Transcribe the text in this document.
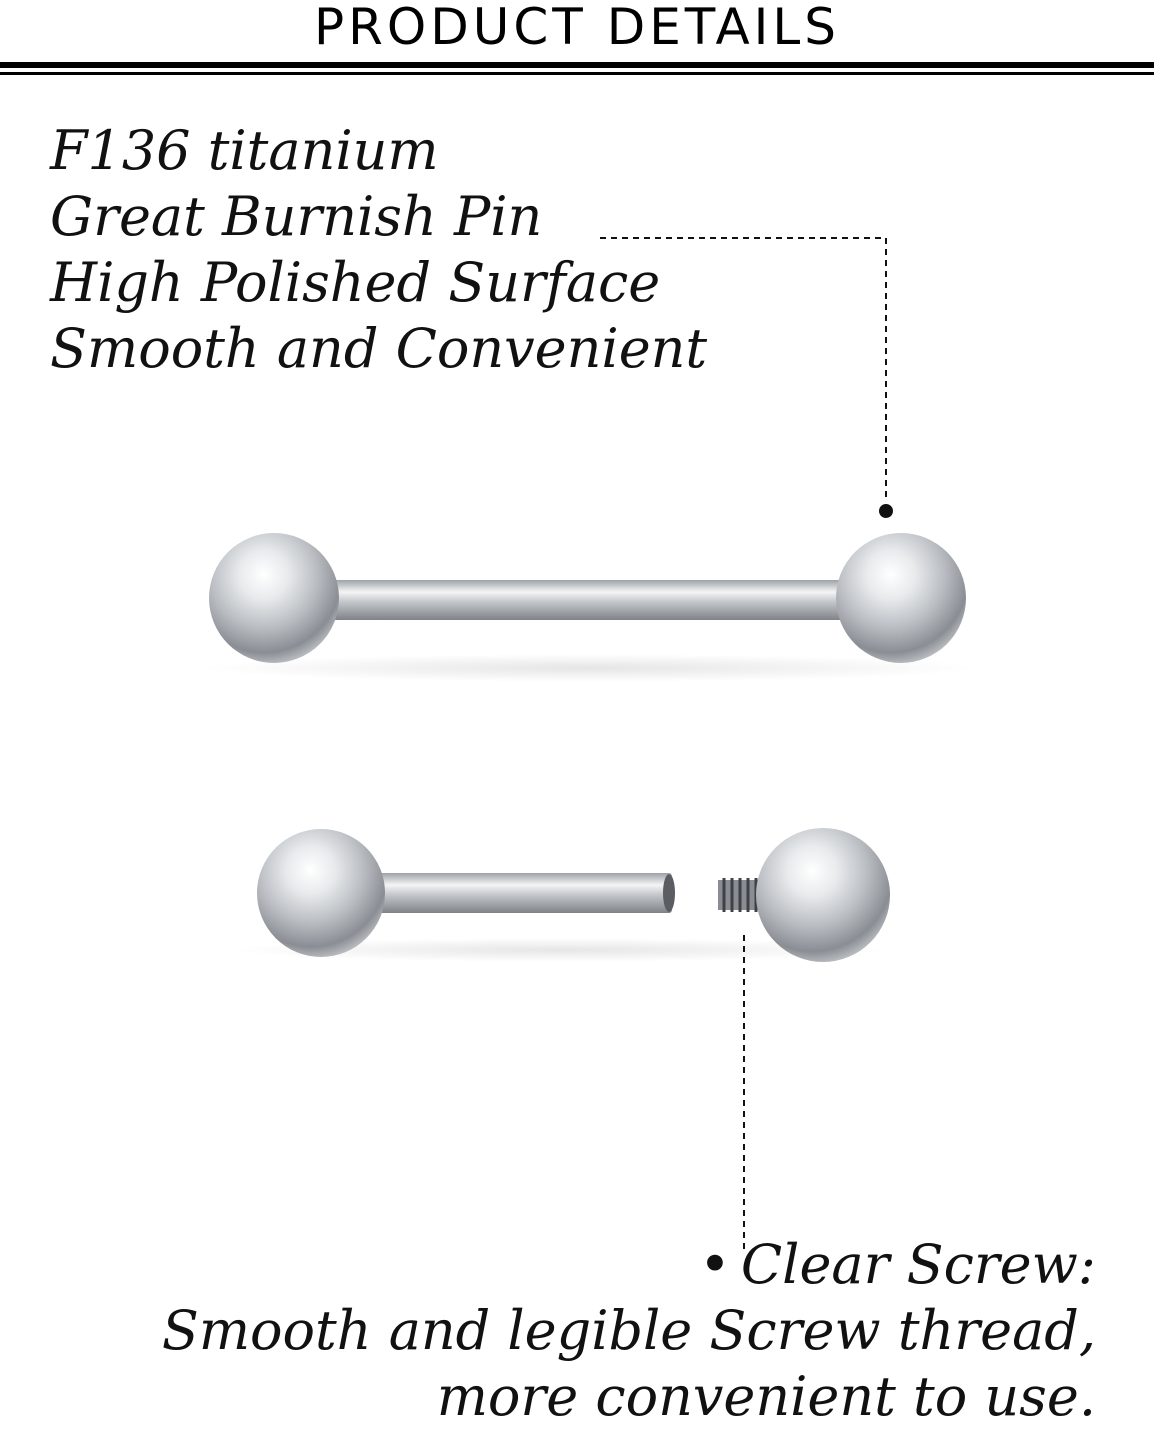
PRODUCT DETAILS
F136 titanium
Great Burnish Pin
High Polished Surface
Smooth and Convenient
• Clear Screw:
Smooth and legible Screw thread,
more convenient to use.
